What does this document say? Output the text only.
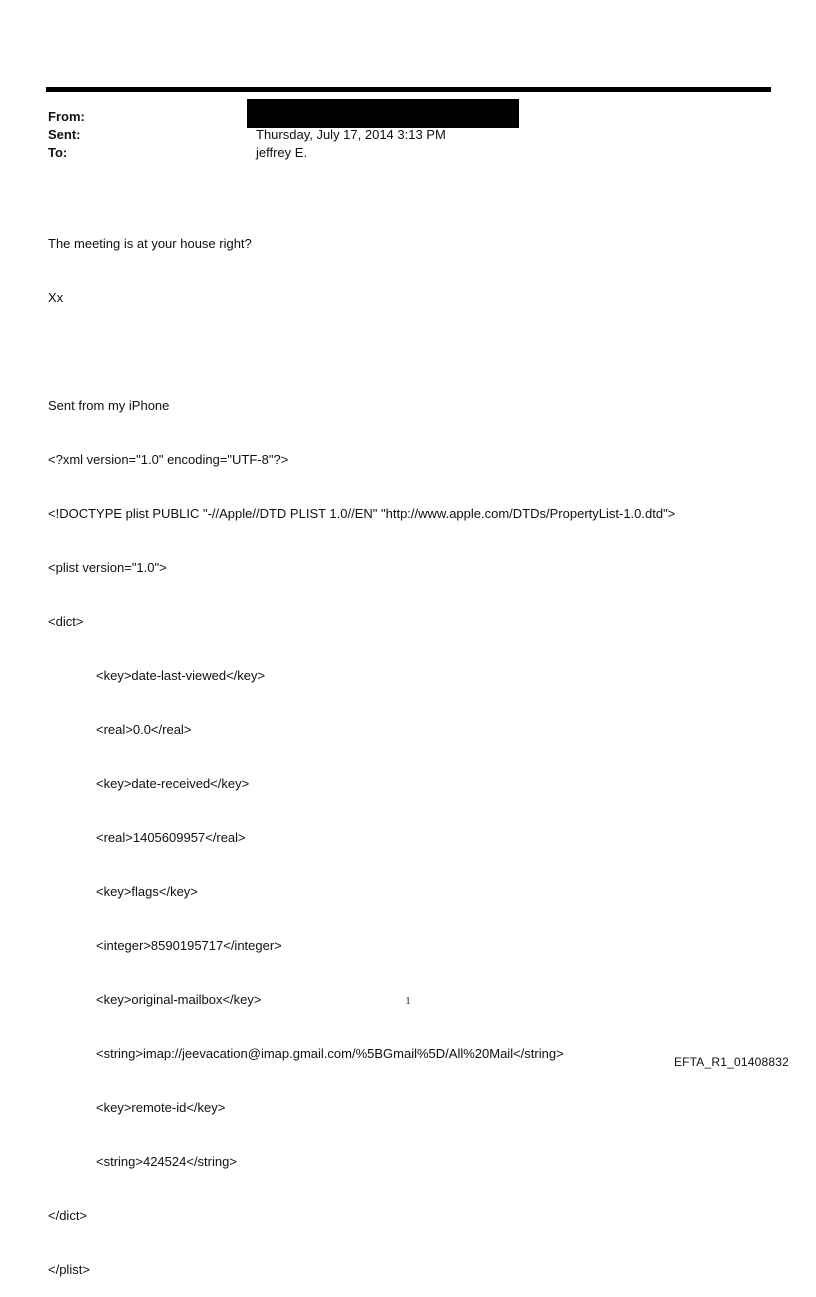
From:
Sent:	Thursday, July 17, 2014 3:13 PM
To:	jeffrey E.

The meeting is at your house right?

Xx

Sent from my iPhone

<?xml version="1.0" encoding="UTF-8"?>

<!DOCTYPE plist PUBLIC "-//Apple//DTD PLIST 1.0//EN" "http://www.apple.com/DTDs/PropertyList-1.0.dtd">

<plist version="1.0">

<dict>

<key>date-last-viewed</key>

<real>0.0</real>

<key>date-received</key>

<real>1405609957</real>

<key>flags</key>

<integer>8590195717</integer>

<key>original-mailbox</key>

<string>imap://jeevacation@imap.gmail.com/%5BGmail%5D/All%20Mail</string>

<key>remote-id</key>

<string>424524</string>

</dict>

</plist>

1
EFTA_R1_01408832
